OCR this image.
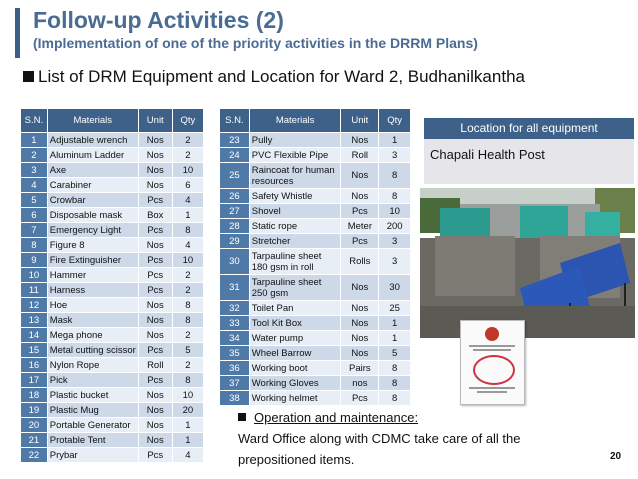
Follow-up Activities (2)
(Implementation of one of the priority activities in the DRRM Plans)
List of DRM Equipment and Location for Ward 2, Budhanilkantha
S.N.	Materials	Unit	Qty
1	Adjustable wrench	Nos	2
2	Aluminum Ladder	Nos	2
3	Axe	Nos	10
4	Carabiner	Nos	6
5	Crowbar	Pcs	4
6	Disposable mask	Box	1
7	Emergency Light	Pcs	8
8	Figure 8	Nos	4
9	Fire Extinguisher	Pcs	10
10	Hammer	Pcs	2
11	Harness	Pcs	2
12	Hoe	Nos	8
13	Mask	Nos	8
14	Mega phone	Nos	2
15	Metal cutting scissor	Pcs	5
16	Nylon Rope	Roll	2
17	Pick	Pcs	8
18	Plastic bucket	Nos	10
19	Plastic Mug	Nos	20
20	Portable Generator	Nos	1
21	Protable Tent	Nos	1
22	Prybar	Pcs	4
S.N.	Materials	Unit	Qty
23	Pully	Nos	1
24	PVC Flexible Pipe	Roll	3
25	Raincoat for human resources	Nos	8
26	Safety Whistle	Nos	8
27	Shovel	Pcs	10
28	Static rope	Meter	200
29	Stretcher	Pcs	3
30	Tarpauline sheet 180 gsm in roll	Rolls	3
31	Tarpauline sheet 250 gsm	Nos	30
32	Toilet Pan	Nos	25
33	Tool Kit Box	Nos	1
34	Water pump	Nos	1
35	Wheel Barrow	Nos	5
36	Working boot	Pairs	8
37	Working Gloves	nos	8
38	Working helmet	Pcs	8
Location for all equipment
Chapali Health Post
Operation and maintenance:
Ward Office along with CDMC take care of all the prepositioned items.	20
